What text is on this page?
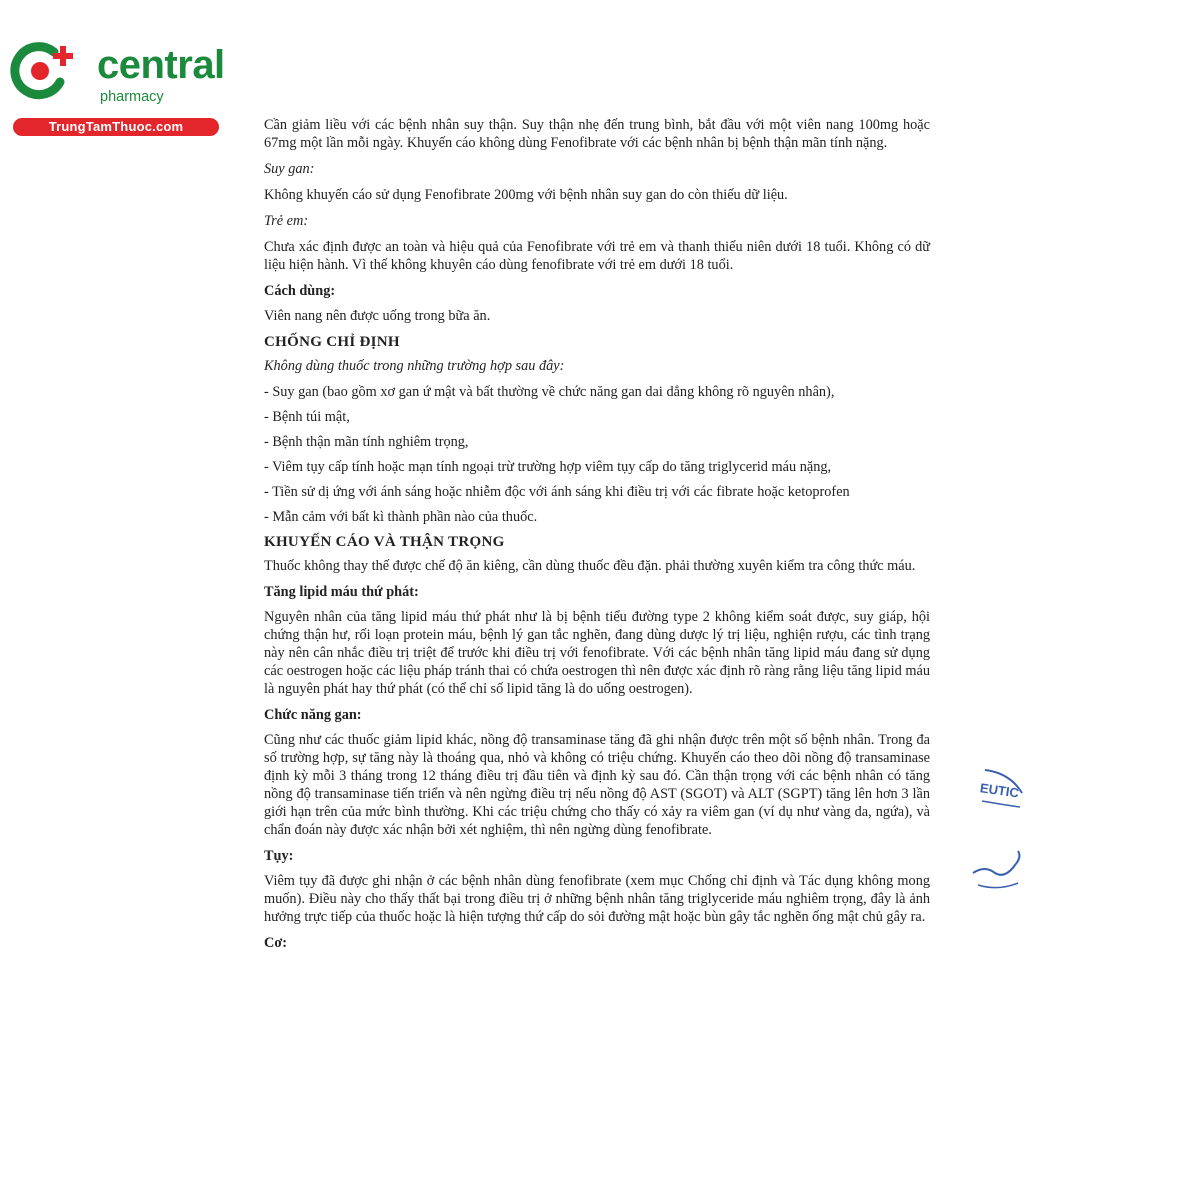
central
pharmacy
TrungTamThuoc.com	Cần giảm liều với các bệnh nhân suy thận. Suy thận nhẹ đến trung bình, bắt đầu với một viên nang 100mg hoặc 67mg một lần mỗi ngày. Khuyến cáo không dùng Fenofibrate với các bệnh nhân bị bệnh thận mãn tính nặng.

Suy gan:

Không khuyến cáo sử dụng Fenofibrate 200mg với bệnh nhân suy gan do còn thiếu dữ liệu.

Trẻ em:

Chưa xác định được an toàn và hiệu quả của Fenofibrate với trẻ em và thanh thiếu niên dưới 18 tuổi. Không có dữ liệu hiện hành. Vì thế không khuyên cáo dùng fenofibrate với trẻ em dưới 18 tuổi.

Cách dùng:

Viên nang nên được uống trong bữa ăn.

CHỐNG CHỈ ĐỊNH

Không dùng thuốc trong những trường hợp sau đây:

- Suy gan (bao gồm xơ gan ứ mật và bất thường về chức năng gan dai dẳng không rõ nguyên nhân),

- Bệnh túi mật,

- Bệnh thận mãn tính nghiêm trọng,

- Viêm tụy cấp tính hoặc mạn tính ngoại trừ trường hợp viêm tụy cấp do tăng triglycerid máu nặng,

- Tiền sử dị ứng với ánh sáng hoặc nhiễm độc với ánh sáng khi điều trị với các fibrate hoặc ketoprofen

- Mẫn cảm với bất kì thành phần nào của thuốc.

KHUYẾN CÁO VÀ THẬN TRỌNG

Thuốc không thay thế được chế độ ăn kiêng, cần dùng thuốc đều đặn. phải thường xuyên kiểm tra công thức máu.

Tăng lipid máu thứ phát:

Nguyên nhân của tăng lipid máu thứ phát như là bị bệnh tiểu đường type 2 không kiểm soát được, suy giáp, hội chứng thận hư, rối loạn protein máu, bệnh lý gan tắc nghẽn, đang dùng dược lý trị liệu, nghiện rượu, các tình trạng này nên cân nhắc điều trị triệt để trước khi điều trị với fenofibrate. Với các bệnh nhân tăng lipid máu đang sử dụng các oestrogen hoặc các liệu pháp tránh thai có chứa oestrogen thì nên được xác định rõ ràng rằng liệu tăng lipid máu là nguyên phát hay thứ phát (có thể chỉ số lipid tăng là do uống oestrogen).

Chức năng gan:

Cũng như các thuốc giảm lipid khác, nồng độ transaminase tăng đã ghi nhận được trên một số bệnh nhân. Trong đa số trường hợp, sự tăng này là thoáng qua, nhỏ và không có triệu chứng. Khuyến cáo theo dõi nồng độ transaminase định kỳ mỗi 3 tháng trong 12 tháng điều trị đầu tiên và định kỳ sau đó. Cần thận trọng với các bệnh nhân có tăng nồng độ transaminase tiến triển và nên ngừng điều trị nếu nồng độ AST (SGOT) và ALT (SGPT) tăng lên hơn 3 lần giới hạn trên của mức bình thường. Khi các triệu chứng cho thấy có xảy ra viêm gan (ví dụ như vàng da, ngứa), và chẩn đoán này được xác nhận bởi xét nghiệm, thì nên ngừng dùng fenofibrate.

Tụy:

Viêm tụy đã được ghi nhận ở các bệnh nhân dùng fenofibrate (xem mục Chống chỉ định và Tác dụng không mong muốn). Điều này cho thấy thất bại trong điều trị ở những bệnh nhân tăng triglyceride máu nghiêm trọng, đây là ảnh hưởng trực tiếp của thuốc hoặc là hiện tượng thứ cấp do sỏi đường mật hoặc bùn gây tắc nghẽn ống mật chủ gây ra.

Cơ:
EUTIC
